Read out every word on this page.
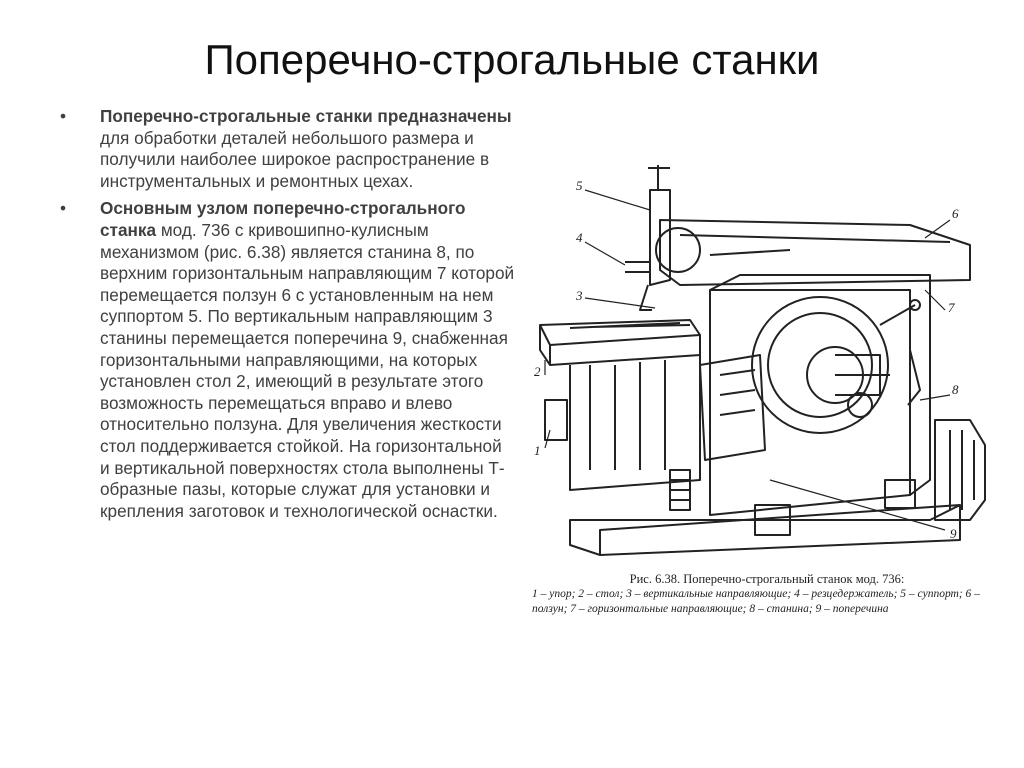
Поперечно-строгальные станки
• Поперечно-строгальные станки предназначены для обработки деталей небольшого размера и получили наиболее широкое распространение в инструментальных и ремонтных цехах.
• Основным узлом поперечно-строгального станка мод. 736 с кривошипно-кулисным механизмом (рис. 6.38) является станина 8, по верхним горизонтальным направляющим 7 которой перемещается ползун 6 с установленным на нем суппортом 5. По вертикальным направляющим 3 станины перемещается поперечина 9, снабженная горизонтальными направляющими, на которых установлен стол 2, имеющий в результате этого возможность перемещаться вправо и влево относительно ползуна. Для увеличения жесткости стол поддерживается стойкой. На горизонтальной и вертикальной поверхностях стола выполнены Т-образные пазы, которые служат для установки и крепления заготовок и технологической оснастки.
5
4
3
2
1
6
7
8
9
Рис. 6.38. Поперечно-строгальный станок мод. 736:
1 – упор; 2 – стол; 3 – вертикальные направляющие; 4 – резцедержатель; 5 – суппорт; 6 –
ползун; 7 – горизонтальные направляющие; 8 – станина; 9 – поперечина
